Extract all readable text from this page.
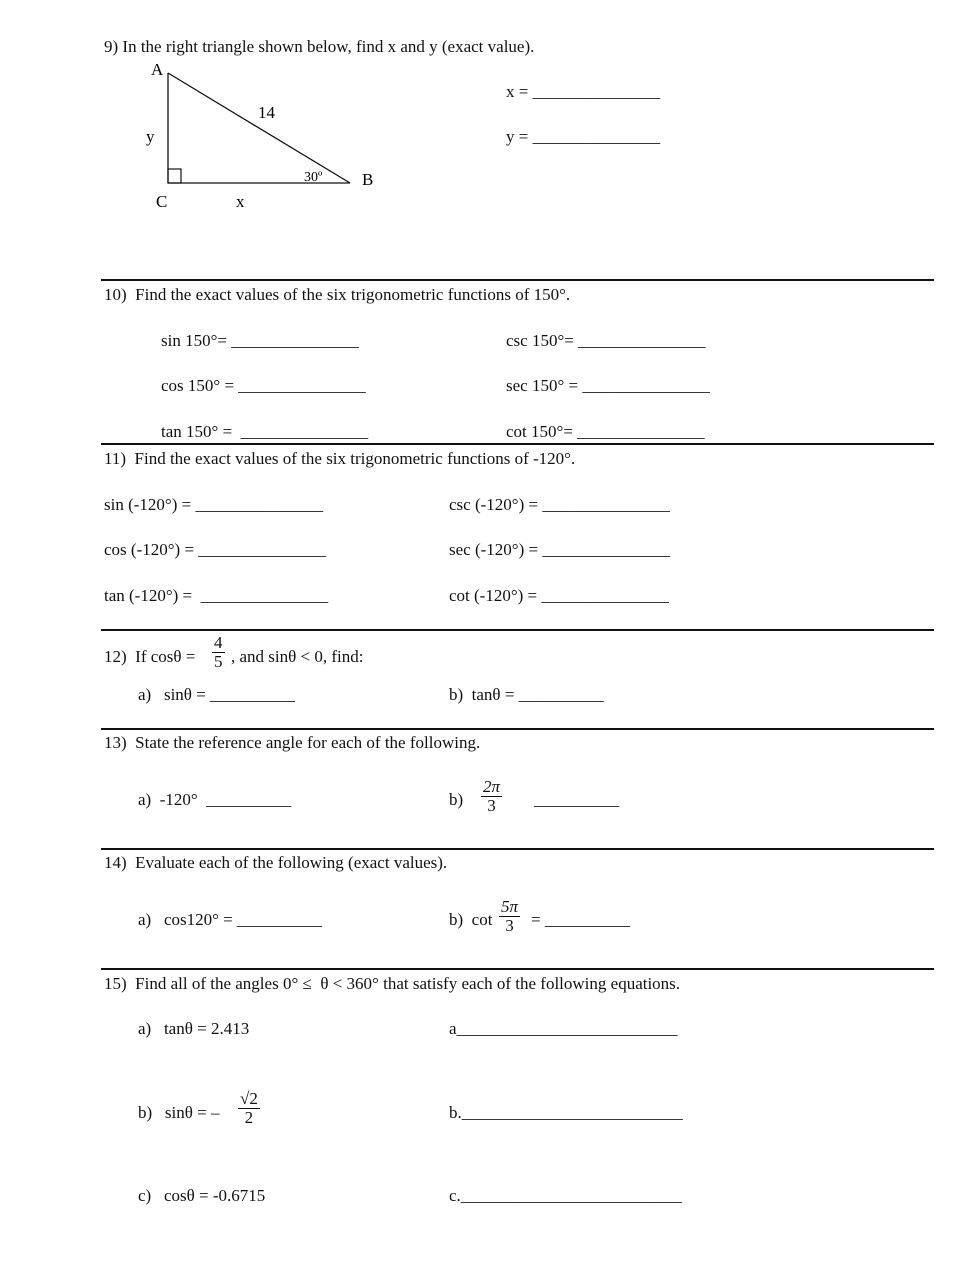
9) In the right triangle shown below, find x and y (exact value).
A
B
C	x
y
14
30º
x = _______________
y = _______________
10)  Find the exact values of the six trigonometric functions of 150°.
sin 150°= _______________	csc 150°= _______________
cos 150° = _______________	sec 150° = _______________
tan 150° =  _______________	cot 150°= _______________
11)  Find the exact values of the six trigonometric functions of -120°.
sin (-120°) = _______________	csc (-120°) = _______________
cos (-120°) = _______________	sec (-120°) = _______________
tan (-120°) =  _______________	cot (-120°) = _______________
12)  If $\cos\theta = \frac{4}{5}$ , and sinθ < 0, find:
a)   sinθ = __________	b)  tanθ = __________
13)  State the reference angle for each of the following.
a)  -120°  __________	$b) \frac{2\pi}{3}$ __________
14)  Evaluate each of the following (exact values).
a)   cos120° = __________	b)  $\cot \frac{5\pi}{3}$ = __________
15)  Find all of the angles 0° ≤  θ < 360° that satisfy each of the following equations.
a)   tanθ = 2.413	a__________________________
b)   sinθ = – $\frac{√2}{2}$	b.__________________________
c)   cosθ = -0.6715	c.__________________________
